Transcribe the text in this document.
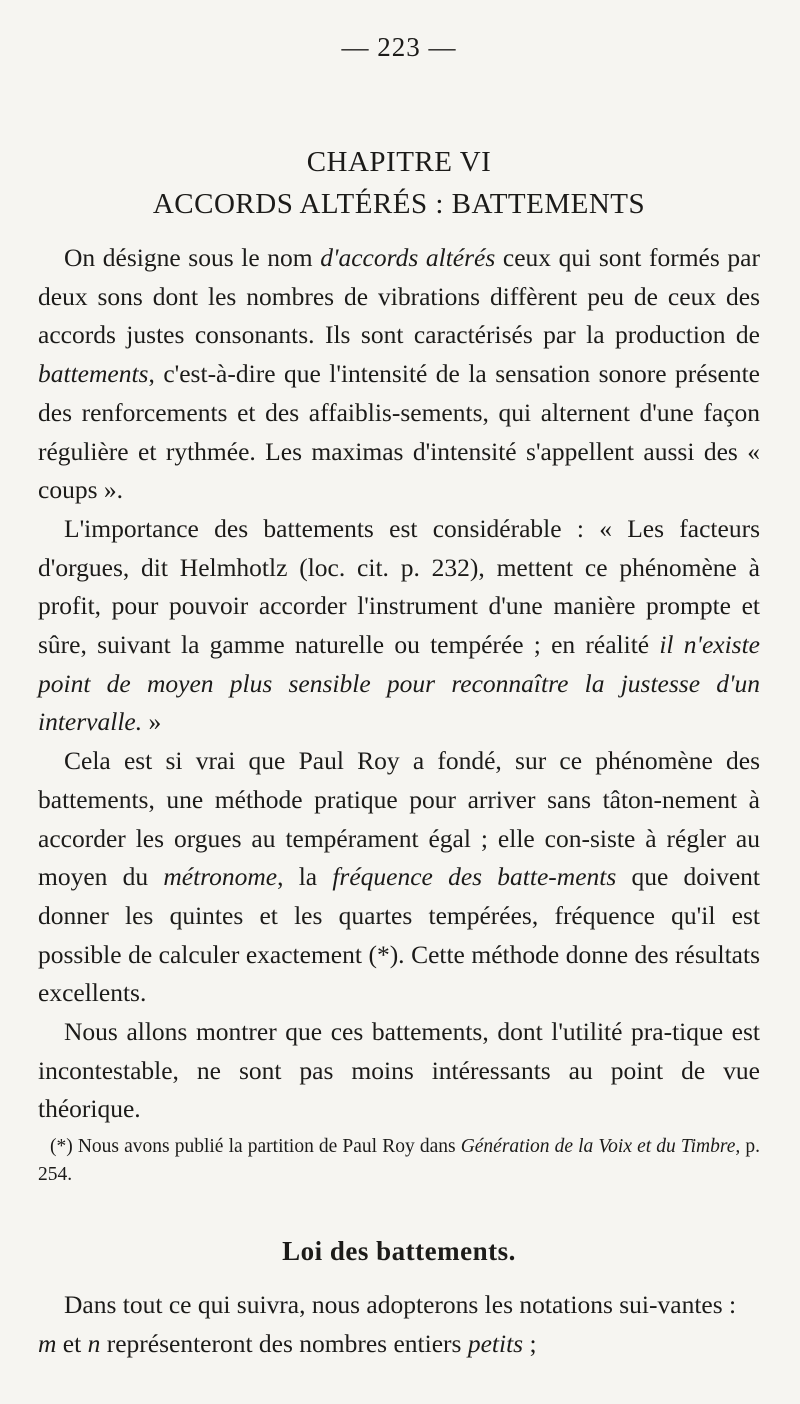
— 223 —
CHAPITRE VI
ACCORDS ALTÉRÉS : BATTEMENTS

On désigne sous le nom d'accords altérés ceux qui sont formés par deux sons dont les nombres de vibrations diffèrent peu de ceux des accords justes consonants. Ils sont caractérisés par la production de battements, c'est-à-dire que l'intensité de la sensation sonore présente des renforcements et des affaiblis-sements, qui alternent d'une façon régulière et rythmée. Les maximas d'intensité s'appellent aussi des « coups ».

L'importance des battements est considérable : « Les facteurs d'orgues, dit Helmhotlz (loc. cit. p. 232), mettent ce phénomène à profit, pour pouvoir accorder l'instrument d'une manière prompte et sûre, suivant la gamme naturelle ou tempérée ; en réalité il n'existe point de moyen plus sensible pour reconnaître la justesse d'un intervalle. »

Cela est si vrai que Paul Roy a fondé, sur ce phénomène des battements, une méthode pratique pour arriver sans tâton-nement à accorder les orgues au tempérament égal ; elle con-siste à régler au moyen du métronome, la fréquence des batte-ments que doivent donner les quintes et les quartes tempérées, fréquence qu'il est possible de calculer exactement (*). Cette méthode donne des résultats excellents.

Nous allons montrer que ces battements, dont l'utilité pra-tique est incontestable, ne sont pas moins intéressants au point de vue théorique.

(*) Nous avons publié la partition de Paul Roy dans Génération de la Voix et du Timbre, p. 254.
Loi des battements.

Dans tout ce qui suivra, nous adopterons les notations sui-vantes :

m et n représenteront des nombres entiers petits ;
